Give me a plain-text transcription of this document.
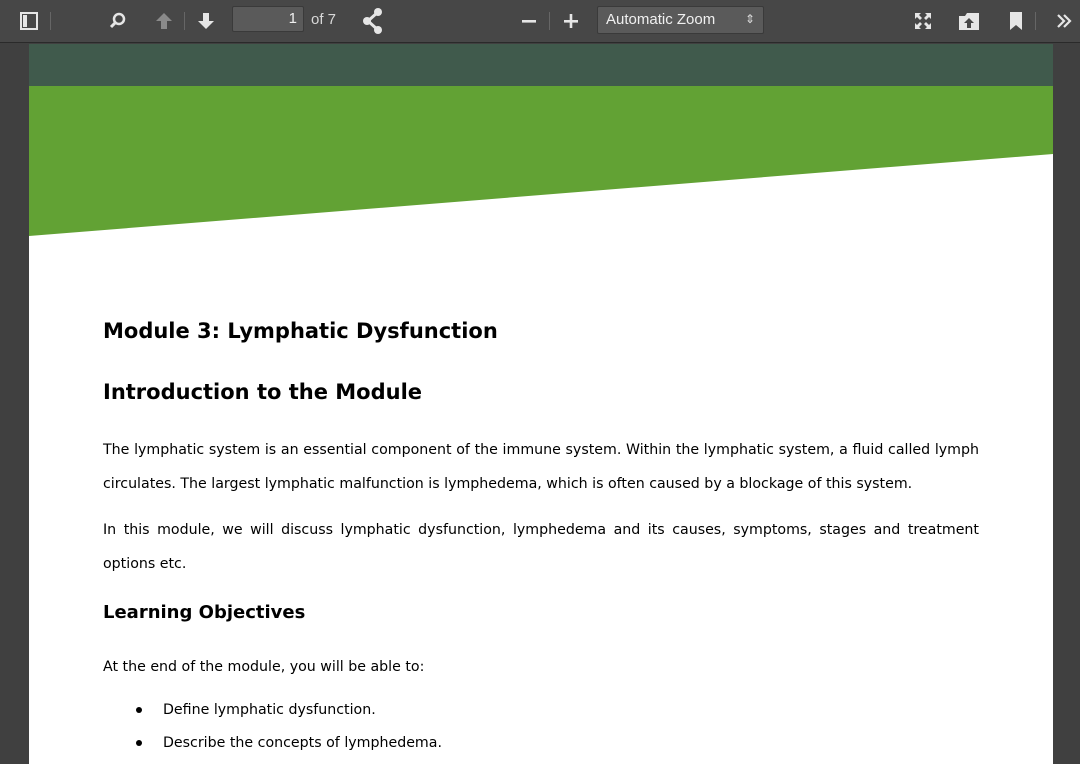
1 of 7	Automatic Zoom ⇕
Module 3: Lymphatic Dysfunction
Introduction to the Module

The lymphatic system is an essential component of the immune system. Within the lymphatic system, a fluid called lymph circulates. The largest lymphatic malfunction is lymphedema, which is often caused by a blockage of this system.

In this module, we will discuss lymphatic dysfunction, lymphedema and its causes, symptoms, stages and treatment options etc.

Learning Objectives

At the end of the module, you will be able to:

Define lymphatic dysfunction.
Describe the concepts of lymphedema.
